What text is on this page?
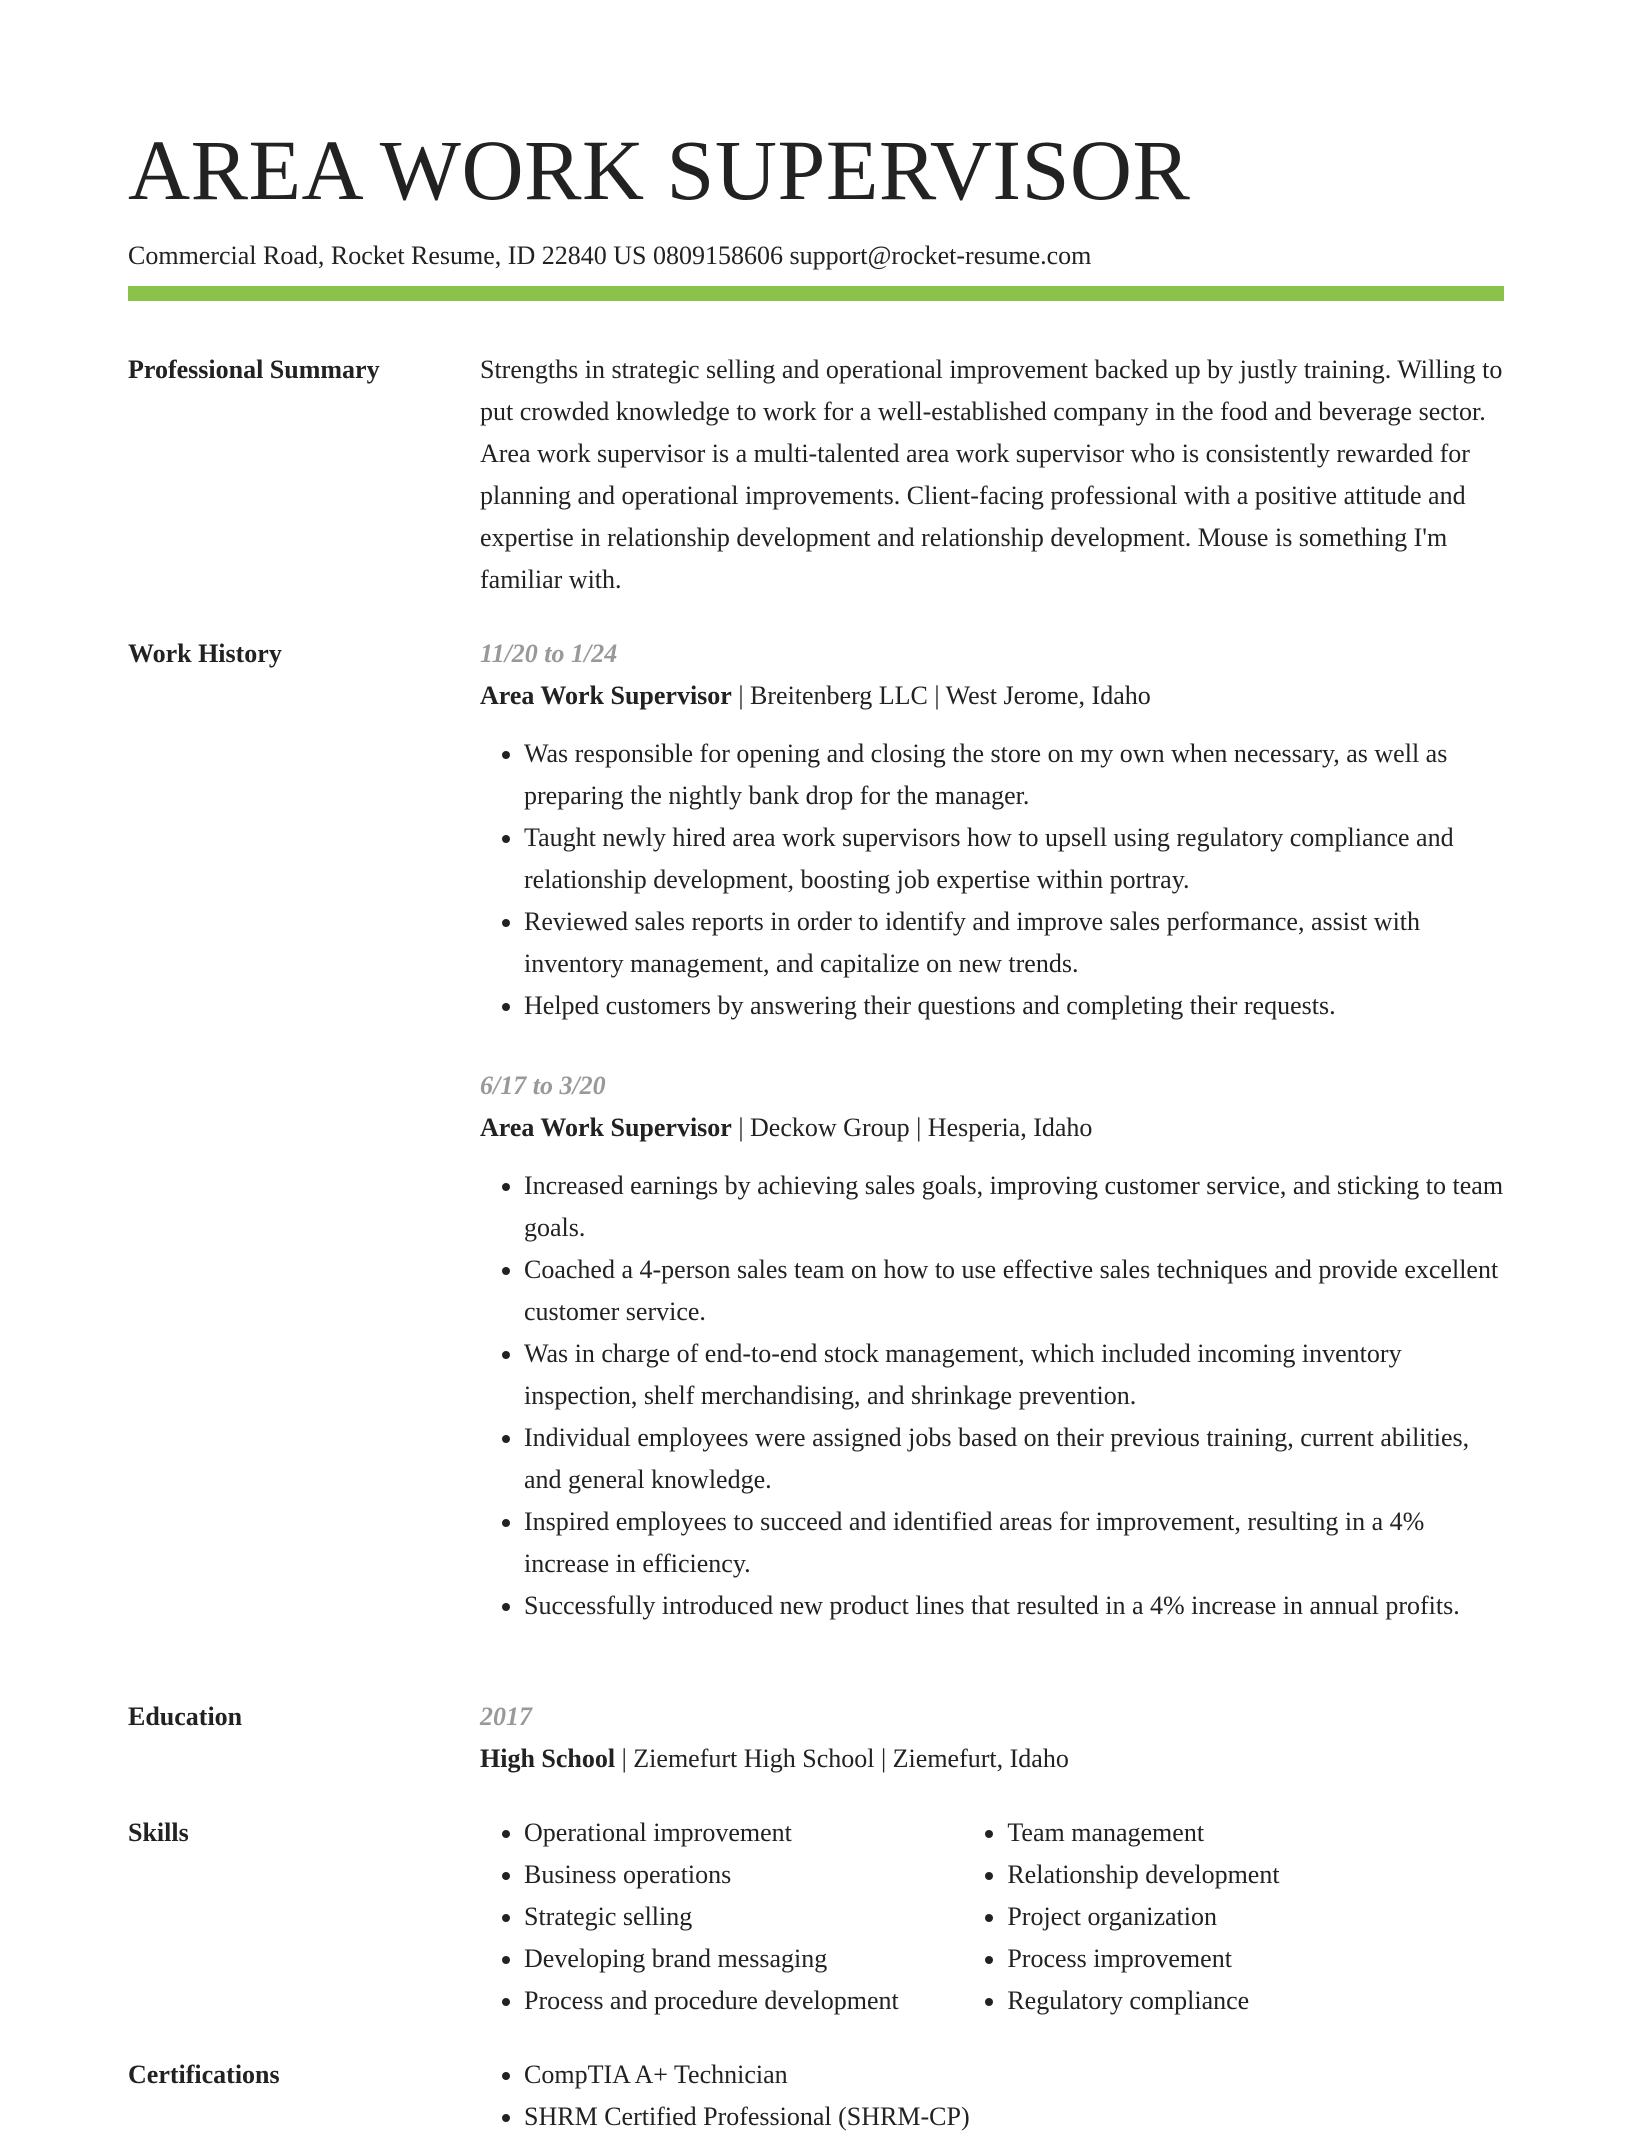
AREA WORK SUPERVISOR
Commercial Road, Rocket Resume, ID 22840 US 0809158606 support@rocket-resume.com
Professional Summary	Strengths in strategic selling and operational improvement backed up by justly training. Willing to put crowded knowledge to work for a well-established company in the food and beverage sector. Area work supervisor is a multi-talented area work supervisor who is consistently rewarded for planning and operational improvements. Client-facing professional with a positive attitude and expertise in relationship development and relationship development. Mouse is something I'm familiar with.

Work History	11/20 to 1/24
Area Work Supervisor | Breitenberg LLC | West Jerome, Idaho
• Was responsible for opening and closing the store on my own when necessary, as well as preparing the nightly bank drop for the manager.
• Taught newly hired area work supervisors how to upsell using regulatory compliance and relationship development, boosting job expertise within portray.
• Reviewed sales reports in order to identify and improve sales performance, assist with inventory management, and capitalize on new trends.
• Helped customers by answering their questions and completing their requests.
6/17 to 3/20
Area Work Supervisor | Deckow Group | Hesperia, Idaho
• Increased earnings by achieving sales goals, improving customer service, and sticking to team goals.
• Coached a 4-person sales team on how to use effective sales techniques and provide excellent customer service.
• Was in charge of end-to-end stock management, which included incoming inventory inspection, shelf merchandising, and shrinkage prevention.
• Individual employees were assigned jobs based on their previous training, current abilities, and general knowledge.
• Inspired employees to succeed and identified areas for improvement, resulting in a 4% increase in efficiency.
• Successfully introduced new product lines that resulted in a 4% increase in annual profits.
Education	2017
High School | Ziemefurt High School | Ziemefurt, Idaho
Skills	• Operational improvement
• Business operations
• Strategic selling
• Developing brand messaging
• Process and procedure development
• Team management
• Relationship development
• Project organization
• Process improvement
• Regulatory compliance
Certifications	• CompTIA A+ Technician
• SHRM Certified Professional (SHRM-CP)
